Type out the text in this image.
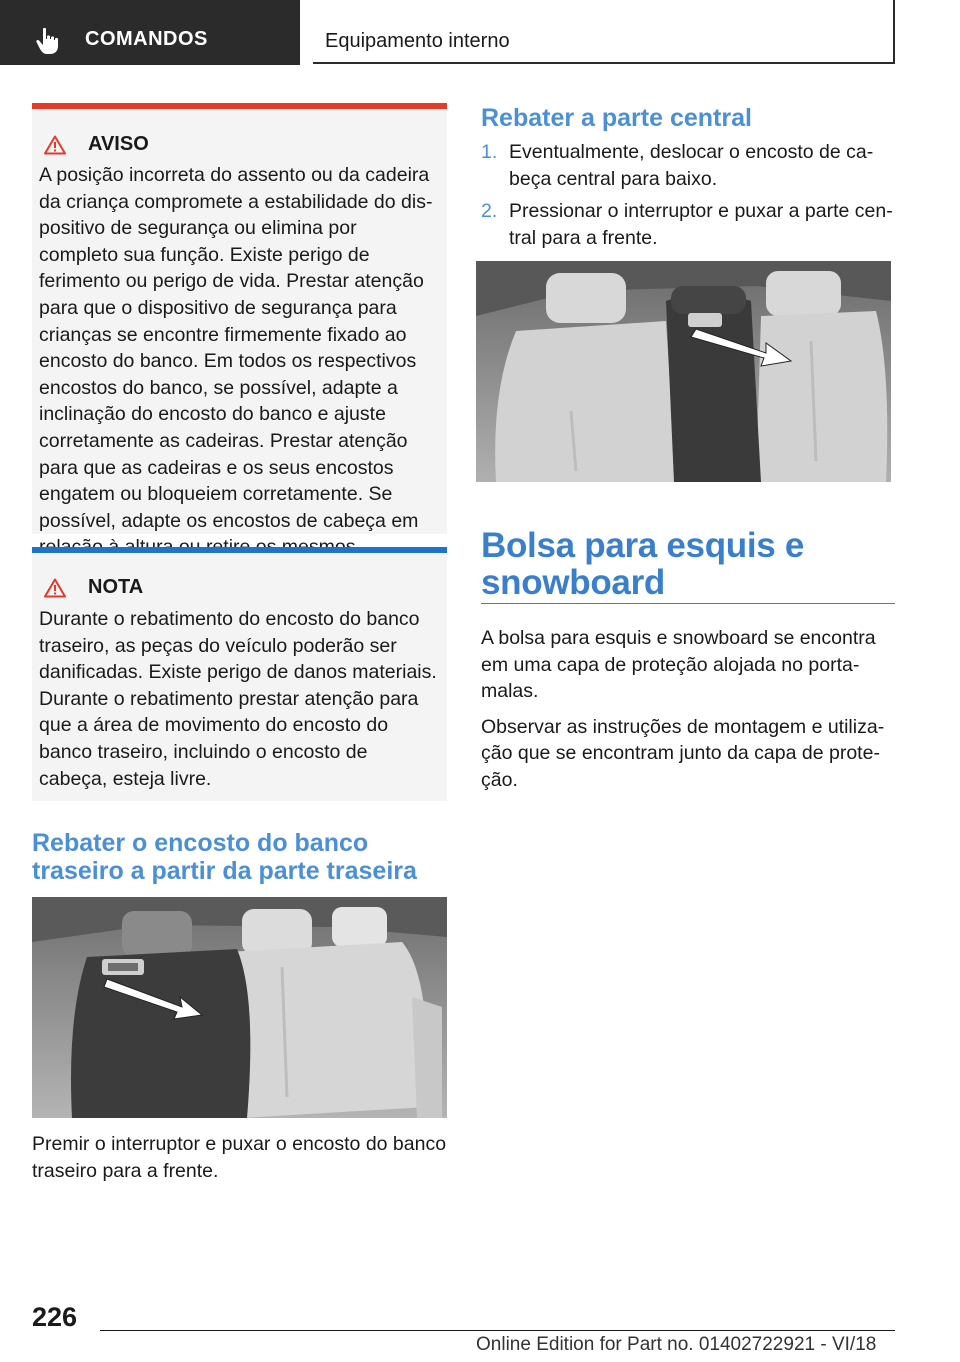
COMANDOS	Equipamento interno
AVISO

A posição incorreta do assento ou da cadeira da criança compromete a estabilidade do dispositivo de segurança ou elimina por completo sua função. Existe perigo de ferimento ou perigo de vida. Prestar atenção para que o dispositivo de segurança para crianças se encontre firmemente fixado ao encosto do banco. Em todos os respectivos encostos do banco, se possível, adapte a inclinação do encosto do banco e ajuste corretamente as cadeiras. Prestar atenção para que as cadeiras e os seus encostos engatem ou bloqueiem corretamente. Se possível, adapte os encostos de cabeça em

NOTA

Durante o rebatimento do encosto do banco traseiro, as peças do veículo poderão ser danificadas. Existe perigo de danos materiais. Durante o rebatimento prestar atenção para que a área de movimento do encosto do banco traseiro, incluindo o encosto de cabeça, esteja livre.

Rebater o encosto do banco traseiro a partir da parte traseira

Premir o interruptor e puxar o encosto do banco traseiro para a frente.

Rebater a parte central
1. Eventualmente, deslocar o encosto de cabeça central para baixo.
2. Pressionar o interruptor e puxar a parte central para a frente.
Bolsa para esquis e snowboard

A bolsa para esquis e snowboard se encontra em uma capa de proteção alojada no porta-malas.

Observar as instruções de montagem e utilização que se encontram junto da capa de proteção.

226
Online Edition for Part no. 01402722921 - VI/18
